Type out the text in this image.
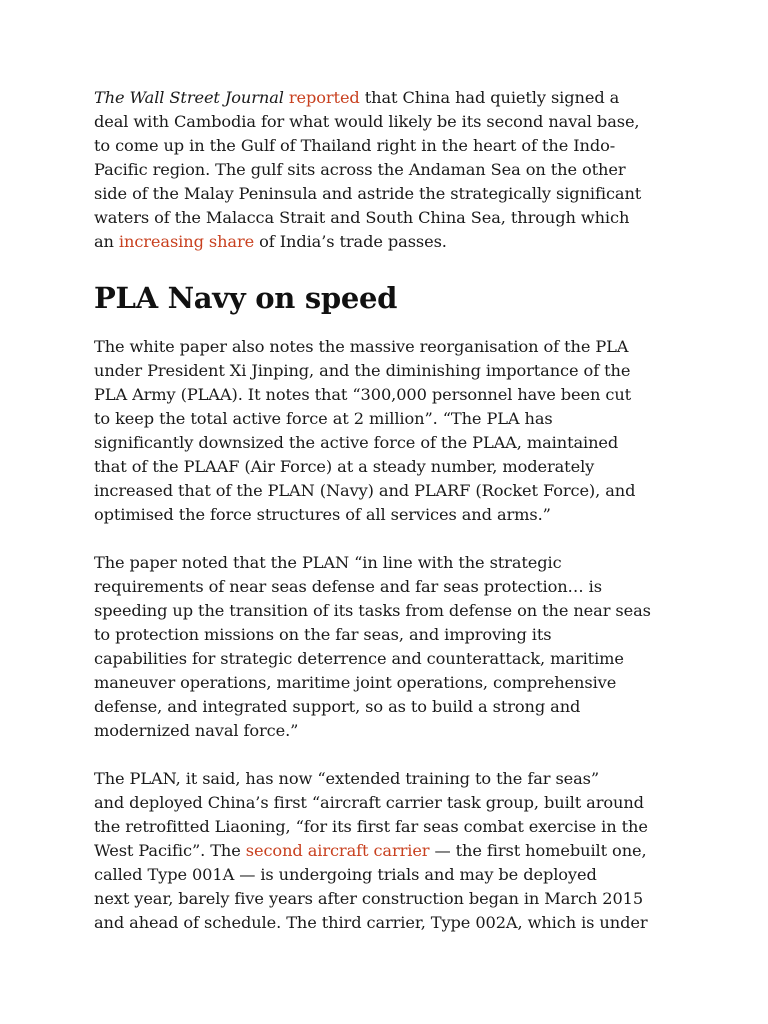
The Wall Street Journal reported that China had quietly signed a
deal with Cambodia for what would likely be its second naval base,
to come up in the Gulf of Thailand right in the heart of the Indo-
Pacific region. The gulf sits across the Andaman Sea on the other
side of the Malay Peninsula and astride the strategically significant
waters of the Malacca Strait and South China Sea, through which
an increasing share of India’s trade passes.

PLA Navy on speed

The white paper also notes the massive reorganisation of the PLA
under President Xi Jinping, and the diminishing importance of the
PLA Army (PLAA). It notes that “300,000 personnel have been cut
to keep the total active force at 2 million”. “The PLA has
significantly downsized the active force of the PLAA, maintained
that of the PLAAF (Air Force) at a steady number, moderately
increased that of the PLAN (Navy) and PLARF (Rocket Force), and
optimised the force structures of all services and arms.”

The paper noted that the PLAN “in line with the strategic
requirements of near seas defense and far seas protection… is
speeding up the transition of its tasks from defense on the near seas
to protection missions on the far seas, and improving its
capabilities for strategic deterrence and counterattack, maritime
maneuver operations, maritime joint operations, comprehensive
defense, and integrated support, so as to build a strong and
modernized naval force.”

The PLAN, it said, has now “extended training to the far seas”
and deployed China’s first “aircraft carrier task group, built around
the retrofitted Liaoning, “for its first far seas combat exercise in the
West Pacific”. The second aircraft carrier — the first homebuilt one,
called Type 001A — is undergoing trials and may be deployed
next year, barely five years after construction began in March 2015
and ahead of schedule. The third carrier, Type 002A, which is under
